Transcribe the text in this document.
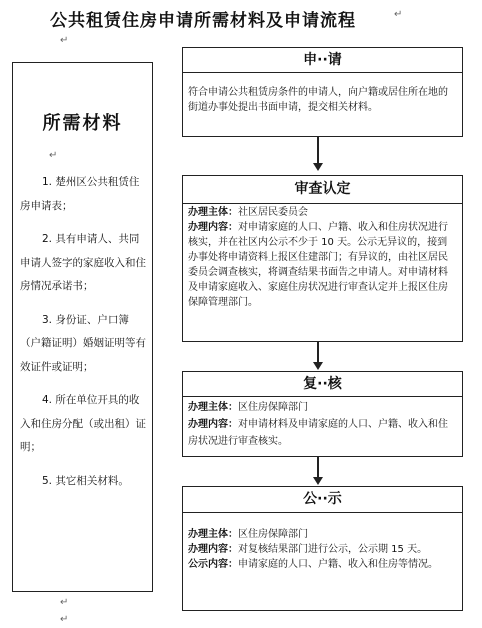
公共租赁住房申请所需材料及申请流程	↵
↵
所需材料
↵

1. 楚州区公共租赁住房申请表；

2. 具有申请人、共同申请人签字的家庭收入和住房情况承诺书；

3. 身份证、户口簿（户籍证明）婚姻证明等有效证件或证明；

4. 所在单位开具的收入和住房分配（或出租）证明；

5. 其它相关材料。

↵
↵
申··请

符合申请公共租赁房条件的申请人，向户籍或居住所在地的街道办事处提出书面申请，提交相关材料。

审查认定

办理主体：社区居民委员会

办理内容：对申请家庭的人口、户籍、收入和住房状况进行核实，并在社区内公示不少于 10 天。公示无异议的，接到办事处将申请资料上报区住建部门；有异议的，由社区居民委员会调查核实，将调查结果书面告之申请人。对申请材料及申请家庭收入、家庭住房状况进行审查认定并上报区住房保障管理部门。

复··核

办理主体：区住房保障部门

办理内容：对申请材料及申请家庭的人口、户籍、收入和住房状况进行审查核实。

公··示

办理主体：区住房保障部门

办理内容：对复核结果部门进行公示，公示期 15 天。

公示内容：申请家庭的人口、户籍、收入和住房等情况。
